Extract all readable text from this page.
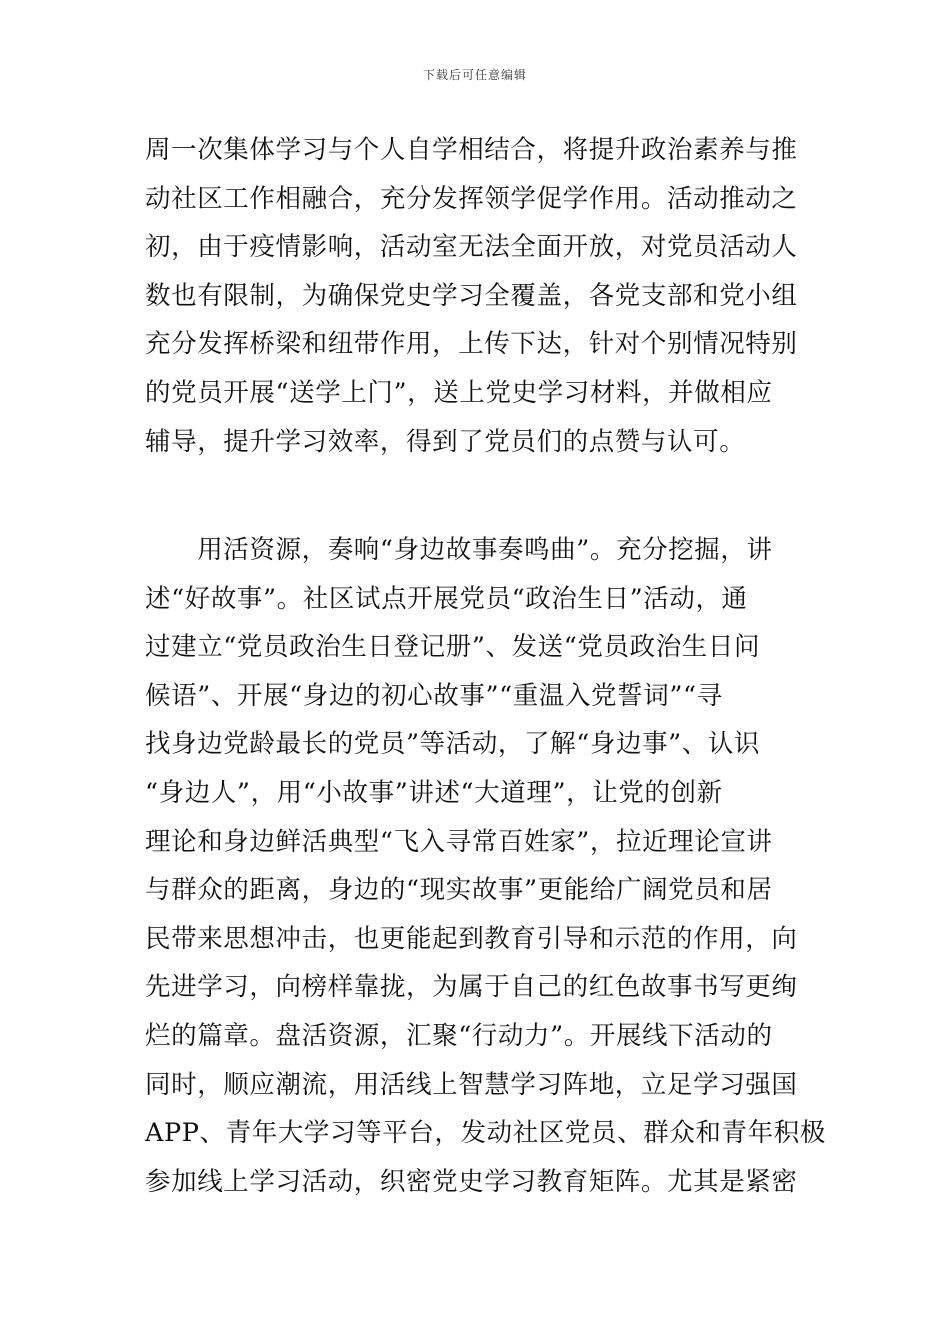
下载后可任意编辑
周一次集体学习与个人自学相结合，将提升政治素养与推
动社区工作相融合，充分发挥领学促学作用。活动推动之
初，由于疫情影响，活动室无法全面开放，对党员活动人
数也有限制，为确保党史学习全覆盖，各党支部和党小组
充分发挥桥梁和纽带作用，上传下达，针对个别情况特别
的党员开展“送学上门”，送上党史学习材料，并做相应
辅导，提升学习效率，得到了党员们的点赞与认可。
　　用活资源，奏响“身边故事奏鸣曲”。充分挖掘，讲
述“好故事”。社区试点开展党员“政治生日”活动，通
过建立“党员政治生日登记册”、发送“党员政治生日问
候语”、开展“身边的初心故事”“重温入党誓词”“寻
找身边党龄最长的党员”等活动，了解“身边事”、认识
“身边人”，用“小故事”讲述“大道理”，让党的创新
理论和身边鲜活典型“飞入寻常百姓家”，拉近理论宣讲
与群众的距离，身边的“现实故事”更能给广阔党员和居
民带来思想冲击，也更能起到教育引导和示范的作用，向
先进学习，向榜样靠拢，为属于自己的红色故事书写更绚
烂的篇章。盘活资源，汇聚“行动力”。开展线下活动的
同时，顺应潮流，用活线上智慧学习阵地，立足学习强国
APP、青年大学习等平台，发动社区党员、群众和青年积极
参加线上学习活动，织密党史学习教育矩阵。尤其是紧密
